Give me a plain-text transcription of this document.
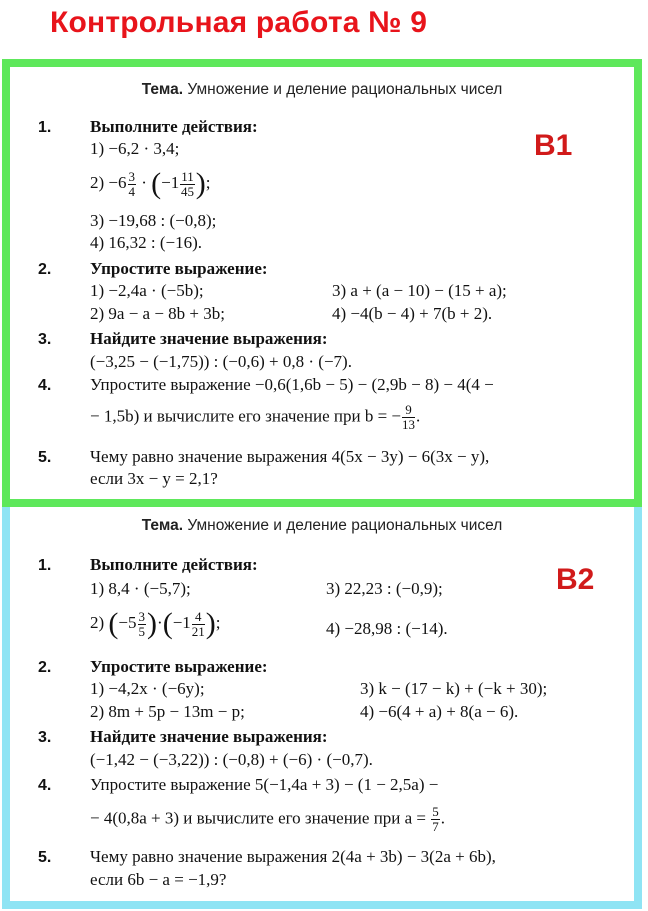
Контрольная работа № 9
Тема. Умножение и деление рациональных чисел
В1
1. Выполните действия:
1) −6,2 · 3,4;
$2) -6 \frac{3}{4} \cdot (-1 \frac{11}{45}$ );
3) −19,68 : (−0,8);
4) 16,32 : (−16).
2. Упростите выражение:
1) −2,4a · (−5b);
2) 9a − a − 8b + 3b;
3) a + (a − 10) − (15 + a);
4) −4(b − 4) + 7(b + 2).
3. Найдите значение выражения:
(−3,25 − (−1,75)) : (−0,6) + 0,8 · (−7).
4. Упростите выражение −0,6(1,6b − 5) − (2,9b − 8) − 4(4 −
− 1,5b) и вычислите его значение при b = − $\frac{9}{13}$ .
5. Чему равно значение выражения 4(5x − 3y) − 6(3x − y),
если 3x − y = 2,1?
Тема. Умножение и деление рациональных чисел
В2
1. Выполните действия:
1) 8,4 · (−5,7);	3) 22,23 : (−0,9);
2) $(-5 \frac{3}{5} )\cdot(-1 \frac{4}{21}$ );	4) −28,98 : (−14).
2. Упростите выражение:
1) −4,2x · (−6y);
2) 8m + 5p − 13m − p;
3) k − (17 − k) + (−k + 30);
4) −6(4 + a) + 8(a − 6).
3. Найдите значение выражения:
(−1,42 − (−3,22)) : (−0,8) + (−6) · (−0,7).
4. Упростите выражение 5(−1,4a + 3) − (1 − 2,5a) −
− 4(0,8a + 3) и вычислите его значение при $a = \frac{5}{7}$ .
5. Чему равно значение выражения 2(4a + 3b) − 3(2a + 6b),
если 6b − a = −1,9?
